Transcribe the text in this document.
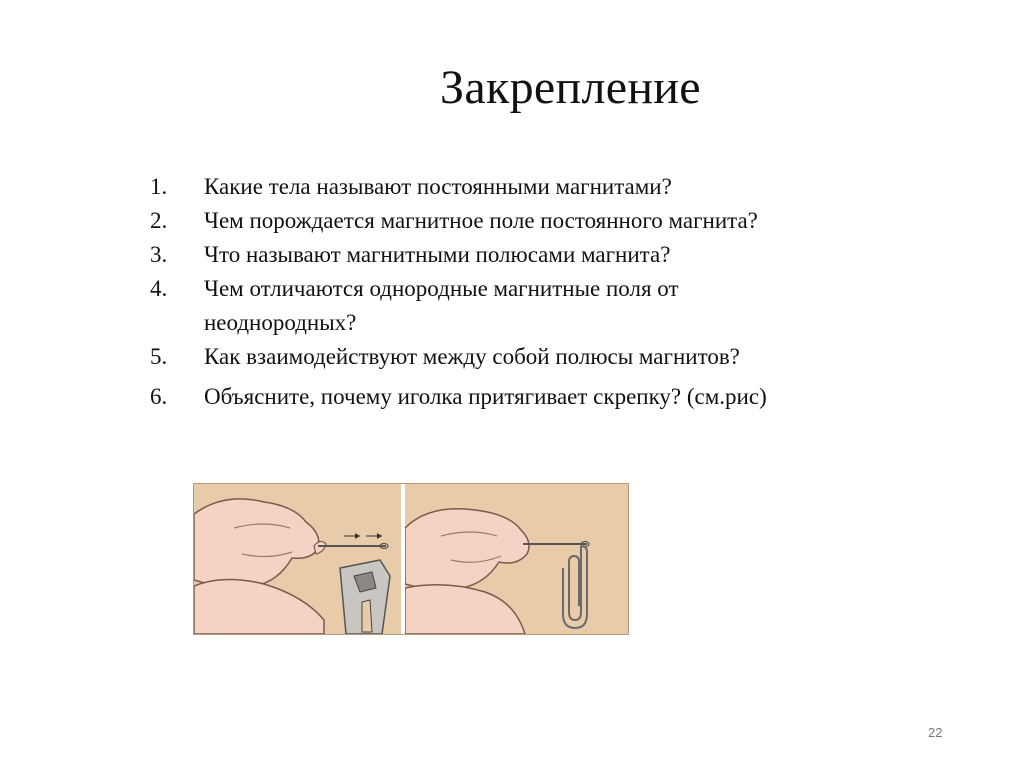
Закрепление
1. Какие тела называют постоянными магнитами?
2. Чем порождается магнитное поле постоянного магнита?
3. Что называют магнитными полюсами магнита?
4. Чем отличаются однородные магнитные поля от неоднородных?
5. Как взаимодействуют между собой полюсы магнитов?
6. Объясните, почему иголка притягивает скрепку? (см.рис)
22
